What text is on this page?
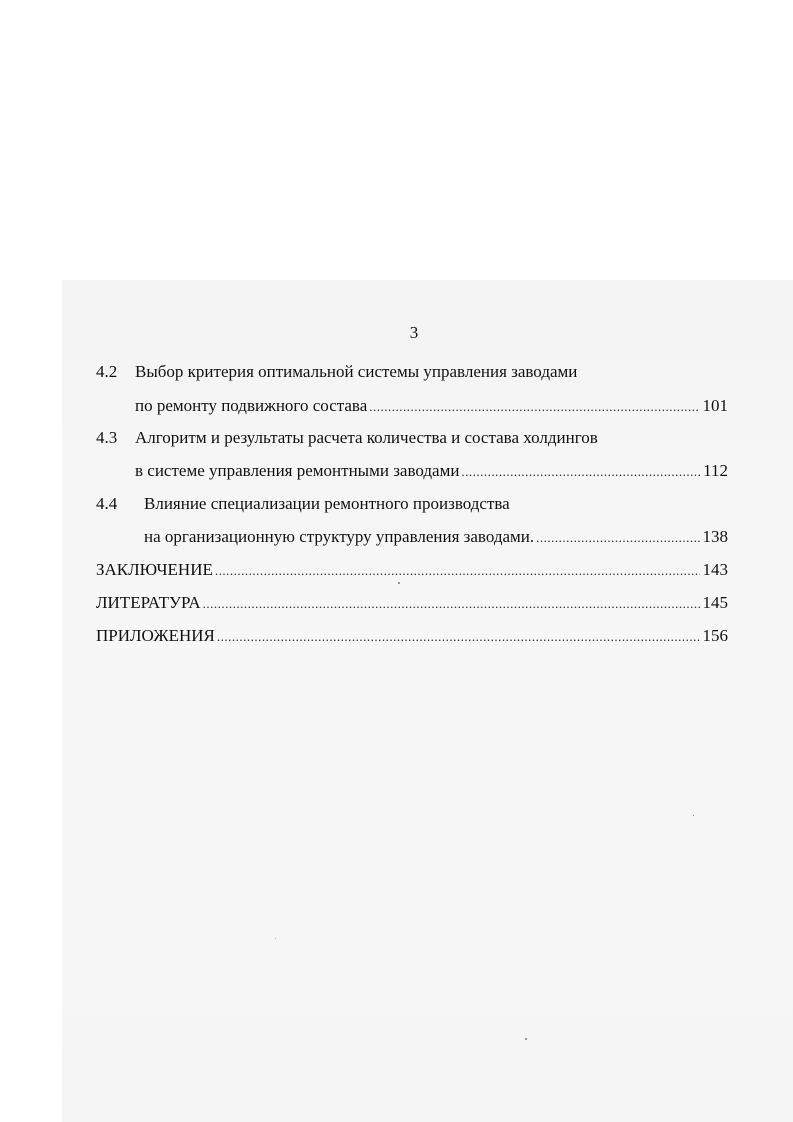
3
4.2 Выбор критерия оптимальной системы управления заводами
по ремонту подвижного состава .....	101
4.3 Алгоритм и результаты расчета количества и состава холдингов
в системе управления ремонтными заводами .....	112
4.4 Влияние специализации ремонтного производства
на организационную структуру управления заводами. .....	138
ЗАКЛЮЧЕНИЕ .....	143
ЛИТЕРАТУРА .....	145
ПРИЛОЖЕНИЯ .....	156
